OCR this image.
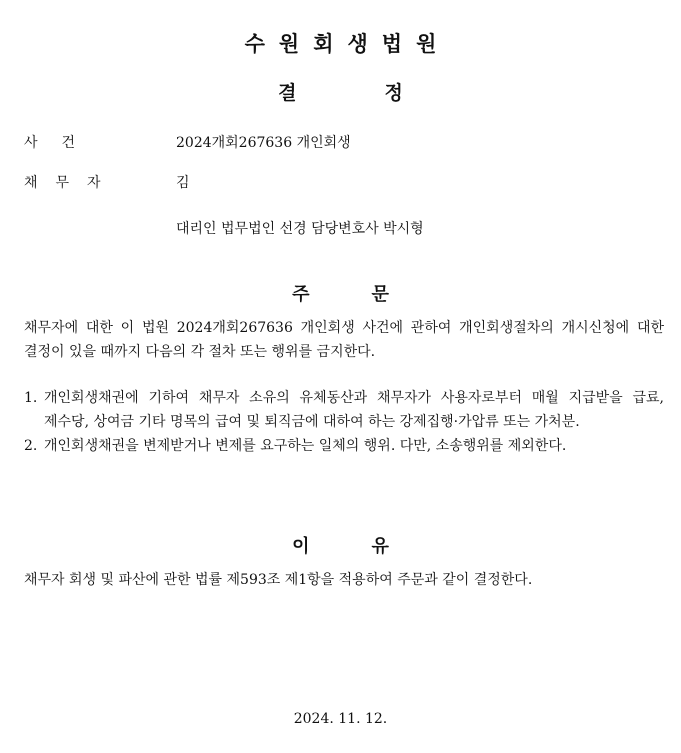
수원회생법원
결정
사건	2024개회267636 개인회생
채무자	김
대리인 법무법인 선경 담당변호사 박시형
주문
채무자에 대한 이 법원 2024개회267636 개인회생 사건에 관하여 개인회생절차의 개시신청에 대한 결정이 있을 때까지 다음의 각 절차 또는 행위를 금지한다.
1. 개인회생채권에 기하여 채무자 소유의 유체동산과 채무자가 사용자로부터 매월 지급받을 급료, 제수당, 상여금 기타 명목의 급여 및 퇴직금에 대하여 하는 강제집행·가압류 또는 가처분.
2. 개인회생채권을 변제받거나 변제를 요구하는 일체의 행위. 다만, 소송행위를 제외한다.
이유
채무자 회생 및 파산에 관한 법률 제593조 제1항을 적용하여 주문과 같이 결정한다.
2024. 11. 12.
